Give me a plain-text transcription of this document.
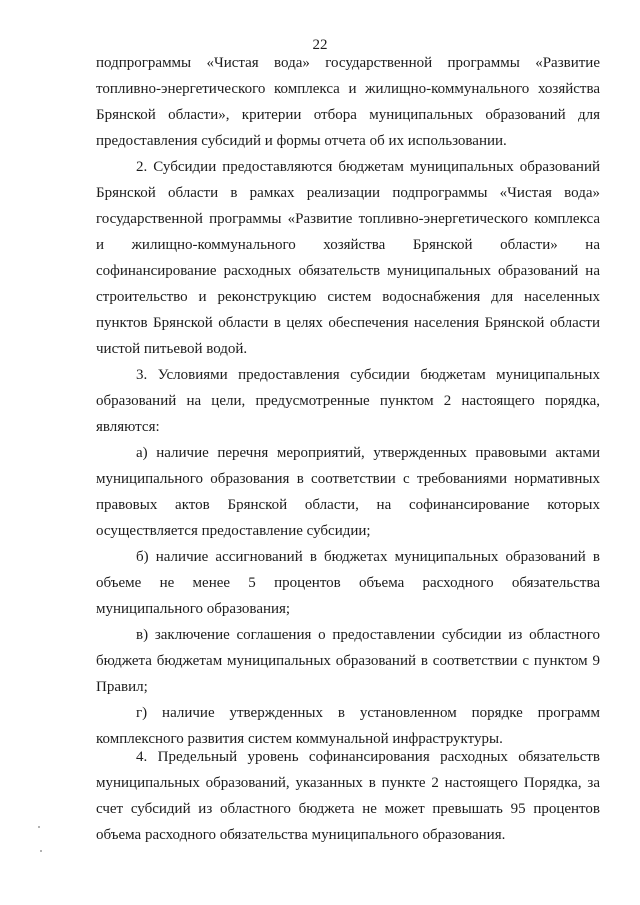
22

подпрограммы «Чистая вода» государственной программы «Развитие топливно-энергетического комплекса и жилищно-коммунального хозяйства Брянской области», критерии отбора муниципальных образований для предоставления субсидий и формы отчета об их использовании.

2. Субсидии предоставляются бюджетам муниципальных образований Брянской области в рамках реализации подпрограммы «Чистая вода» государственной программы «Развитие топливно-энергетического комплекса и жилищно-коммунального хозяйства Брянской области» на софинансирование расходных обязательств муниципальных образований на строительство и реконструкцию систем водоснабжения для населенных пунктов Брянской области в целях обеспечения населения Брянской области чистой питьевой водой.

3. Условиями предоставления субсидии бюджетам муниципальных образований на цели, предусмотренные пунктом 2 настоящего порядка, являются:

а) наличие перечня мероприятий, утвержденных правовыми актами муниципального образования в соответствии с требованиями нормативных правовых актов Брянской области, на софинансирование которых осуществляется предоставление субсидии;

б) наличие ассигнований в бюджетах муниципальных образований в объеме не менее 5 процентов объема расходного обязательства муниципального образования;

в) заключение соглашения о предоставлении субсидии из областного бюджета бюджетам муниципальных образований в соответствии с пунктом 9 Правил;

г) наличие утвержденных в установленном порядке программ комплексного развития систем коммунальной инфраструктуры.

4. Предельный уровень софинансирования расходных обязательств муниципальных образований, указанных в пункте 2 настоящего Порядка, за счет субсидий из областного бюджета не может превышать 95 процентов объема расходного обязательства муниципального образования.
